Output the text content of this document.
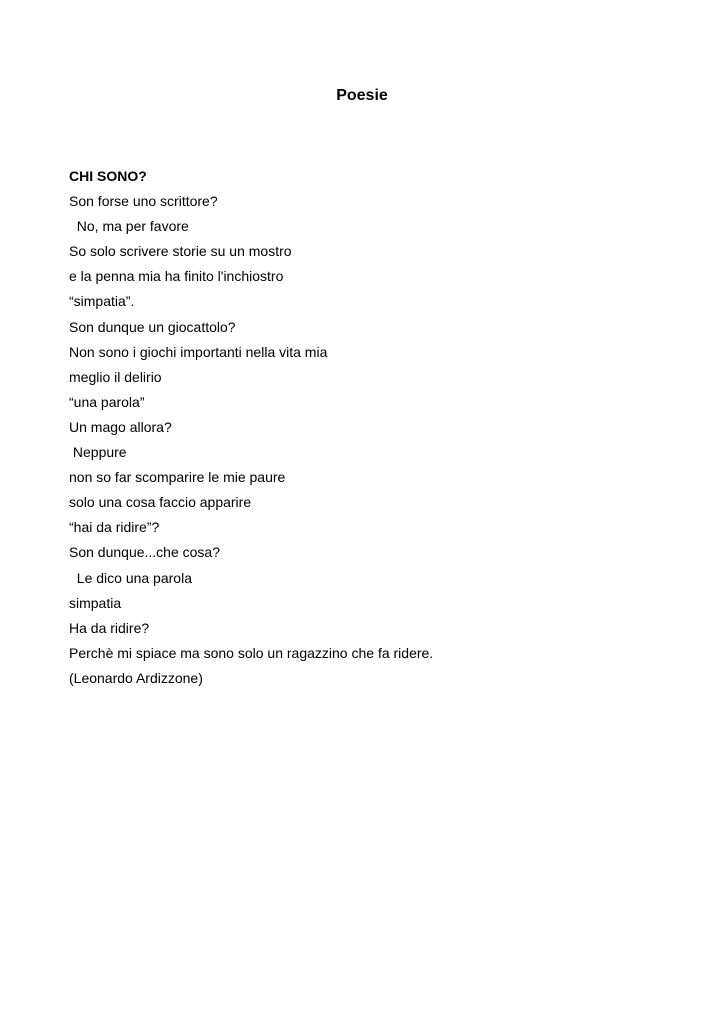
Poesie

CHI SONO?

Son forse uno scrittore?

No, ma per favore

So solo scrivere storie su un mostro

e la penna mia ha finito l'inchiostro

“simpatia”.

Son dunque un giocattolo?

Non sono i giochi importanti nella vita mia

meglio il delirio

“una parola”

Un mago allora?

Neppure

non so far scomparire le mie paure

solo una cosa faccio apparire

“hai da ridire”?

Son dunque...che cosa?

Le dico una parola

simpatia

Ha da ridire?

Perchè mi spiace ma sono solo un ragazzino che fa ridere.

(Leonardo Ardizzone)
